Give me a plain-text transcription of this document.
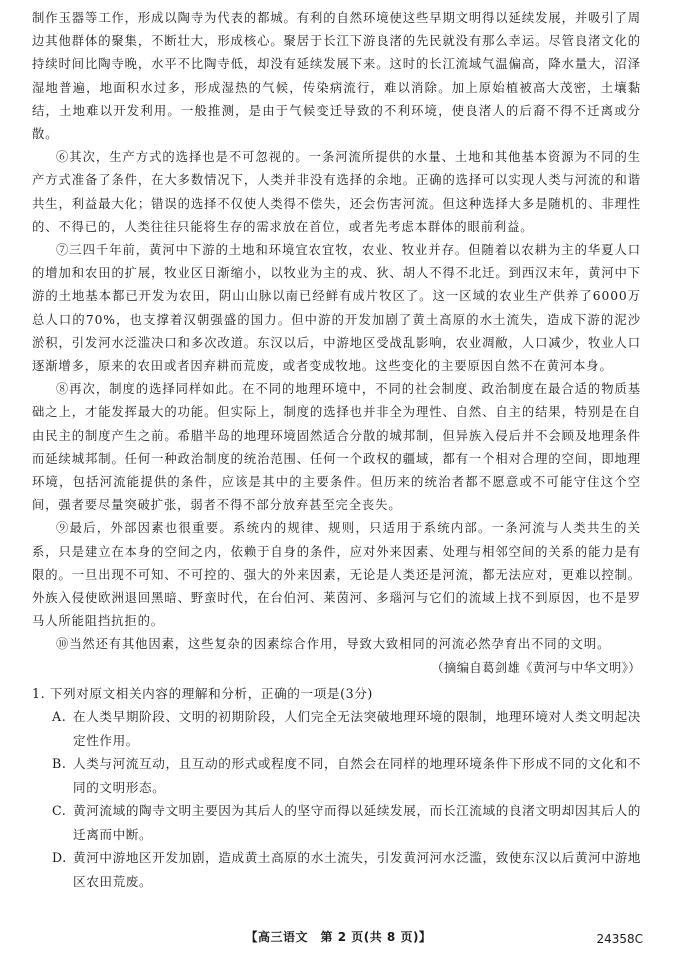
制作玉器等工作，形成以陶寺为代表的都城。有利的自然环境使这些早期文明得以延续发展，并吸引了周边其他群体的聚集，不断壮大，形成核心。聚居于长江下游良渚的先民就没有那么幸运。尽管良渚文化的持续时间比陶寺晚，水平不比陶寺低，却没有延续发展下来。这时的长江流域气温偏高，降水量大，沼泽湿地普遍，地面积水过多，形成湿热的气候，传染病流行，难以消除。加上原始植被高大茂密，土壤黏结，土地难以开发利用。一般推测，是由于气候变迁导致的不利环境，使良渚人的后裔不得不迁离或分散。

⑥其次，生产方式的选择也是不可忽视的。一条河流所提供的水量、土地和其他基本资源为不同的生产方式准备了条件，在大多数情况下，人类并非没有选择的余地。正确的选择可以实现人类与河流的和谐共生，利益最大化；错误的选择不仅使人类得不偿失，还会伤害河流。但这种选择大多是随机的、非理性的、不得已的，人类往往只能将生存的需求放在首位，或者先考虑本群体的眼前利益。

⑦三四千年前，黄河中下游的土地和环境宜农宜牧，农业、牧业并存。但随着以农耕为主的华夏人口的增加和农田的扩展，牧业区日渐缩小，以牧业为主的戎、狄、胡人不得不北迁。到西汉末年，黄河中下游的土地基本都已开发为农田，阴山山脉以南已经鲜有成片牧区了。这一区域的农业生产供养了6000万总人口的70%，也支撑着汉朝强盛的国力。但中游的开发加剧了黄土高原的水土流失，造成下游的泥沙淤积，引发河水泛滥决口和多次改道。东汉以后，中游地区受战乱影响，农业凋敝，人口减少，牧业人口逐渐增多，原来的农田或者因弃耕而荒废，或者变成牧地。这些变化的主要原因自然不在黄河本身。

⑧再次，制度的选择同样如此。在不同的地理环境中，不同的社会制度、政治制度在最合适的物质基础之上，才能发挥最大的功能。但实际上，制度的选择也并非全为理性、自然、自主的结果，特别是在自由民主的制度产生之前。希腊半岛的地理环境固然适合分散的城邦制，但异族入侵后并不会顾及地理条件而延续城邦制。任何一种政治制度的统治范围、任何一个政权的疆域，都有一个相对合理的空间，即地理环境，包括河流能提供的条件，应该是其中的主要条件。但历来的统治者都不愿意或不可能守住这个空间，强者要尽量突破扩张，弱者不得不部分放弃甚至完全丧失。

⑨最后，外部因素也很重要。系统内的规律、规则，只适用于系统内部。一条河流与人类共生的关系，只是建立在本身的空间之内，依赖于自身的条件，应对外来因素、处理与相邻空间的关系的能力是有限的。一旦出现不可知、不可控的、强大的外来因素，无论是人类还是河流，都无法应对，更难以控制。外族入侵使欧洲退回黑暗、野蛮时代，在台伯河、莱茵河、多瑙河与它们的流域上找不到原因，也不是罗马人所能阻挡抗拒的。

⑩当然还有其他因素，这些复杂的因素综合作用，导致大致相同的河流必然孕育出不同的文明。

（摘编自葛剑雄《黄河与中华文明》）

1. 下列对原文相关内容的理解和分析，正确的一项是(3分)

A. 在人类早期阶段、文明的初期阶段，人们完全无法突破地理环境的限制，地理环境对人类文明起决定性作用。
B. 人类与河流互动，且互动的形式或程度不同，自然会在同样的地理环境条件下形成不同的文化和不同的文明形态。
C. 黄河流域的陶寺文明主要因为其后人的坚守而得以延续发展，而长江流域的良渚文明却因其后人的迁离而中断。
D. 黄河中游地区开发加剧，造成黄土高原的水土流失，引发黄河河水泛滥，致使东汉以后黄河中游地区农田荒废。
【高三语文　第 2 页(共 8 页)】	24358C
